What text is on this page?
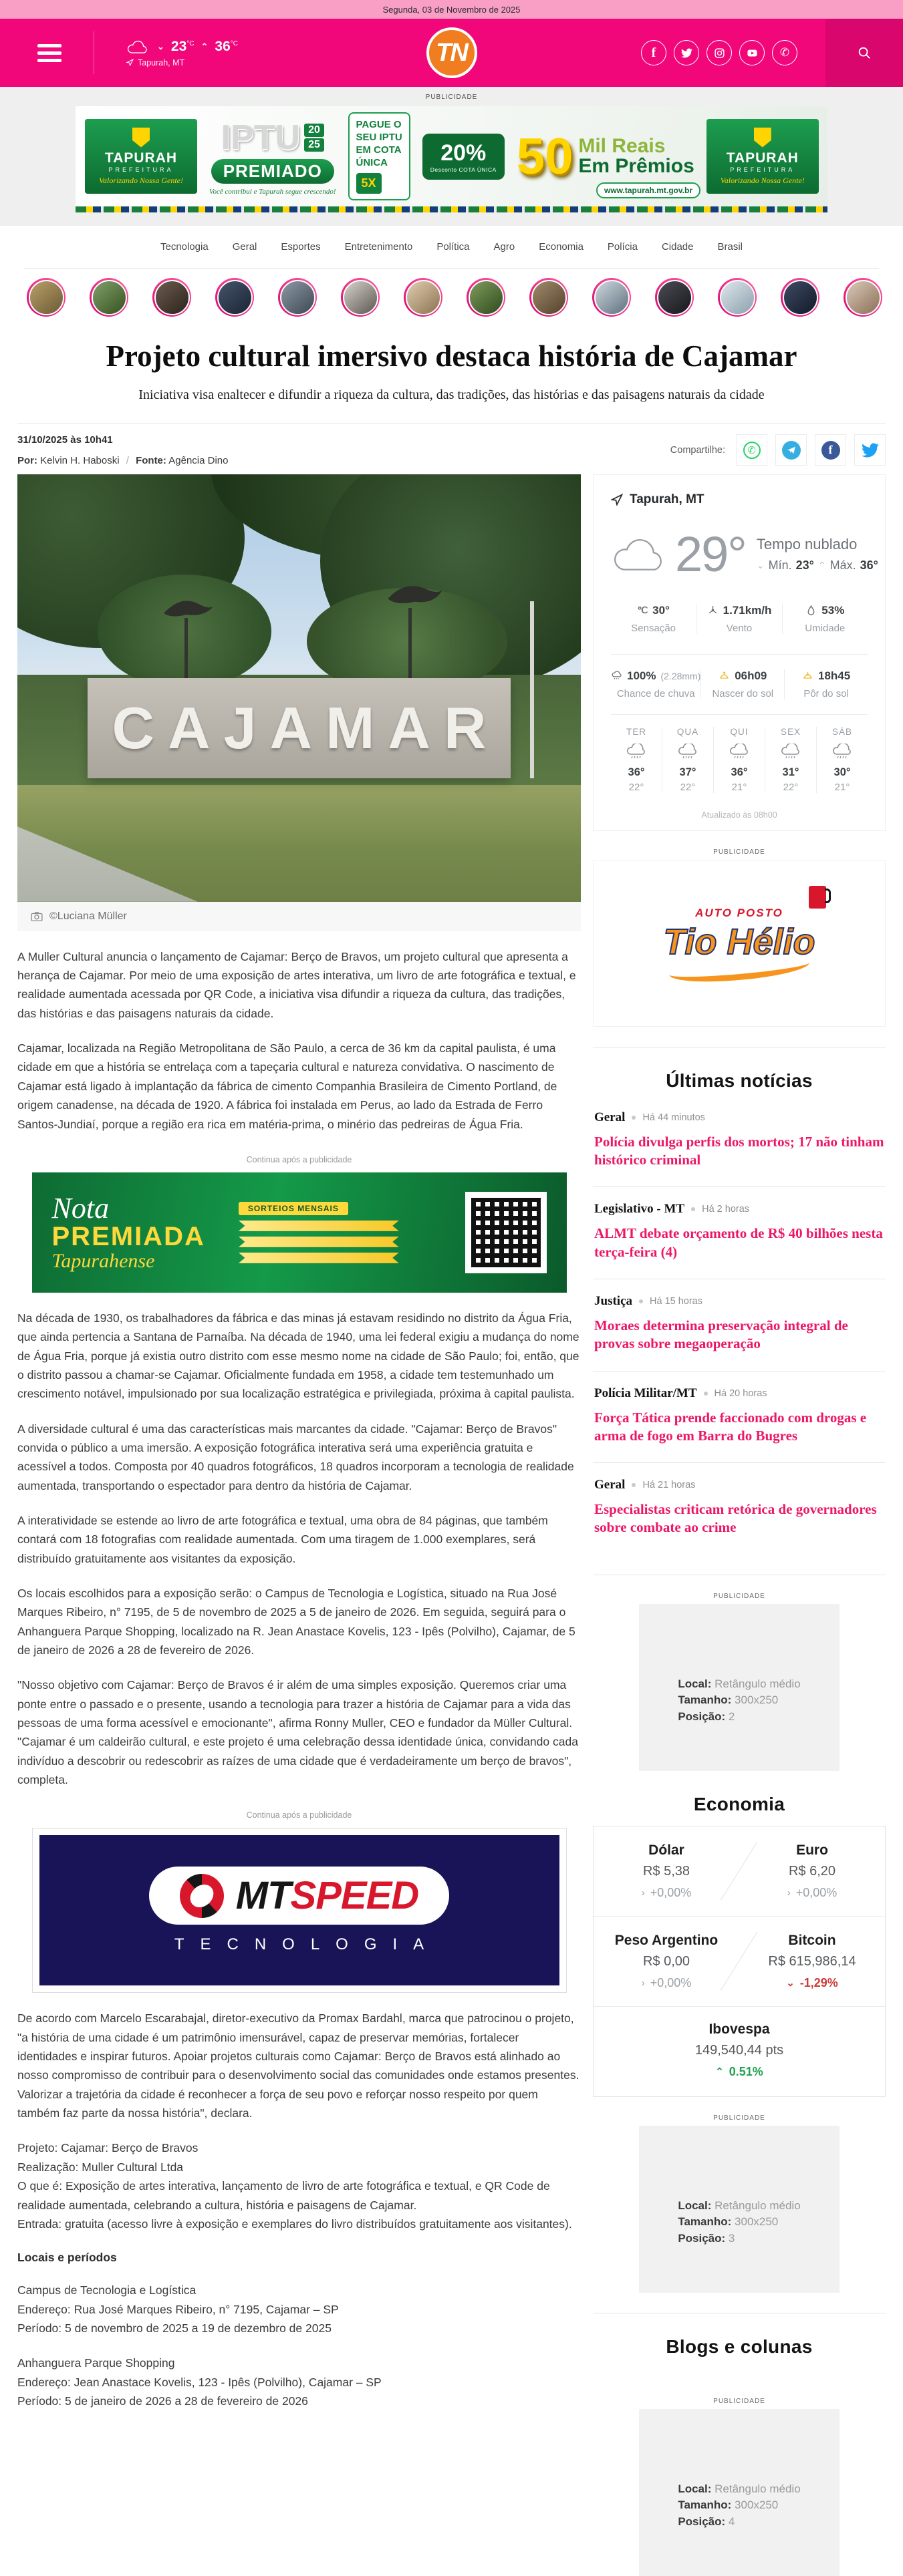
Segunda, 03 de Novembro de 2025
⌄ $23^{^\circ C}$ ⌃ $36^{^\circ C}$
Tapurah, MT	TN	f	✆
PUBLICIDADE
TAPURAH
PREFEITURA
Valorizando Nossa Gente!
IPTU 20
25
PREMIADO
Você contribui e Tapurah segue crescendo!
PAGUE O
SEU IPTU
EM COTA
ÚNICA
5X
20%
Desconto COTA ÚNICA 50 Mil Reais
Em Prêmios TAPURAH
PREFEITURA
Valorizando Nossa Gente!
www.tapurah.mt.gov.br
Tecnologia Geral Esportes Entretenimento Política Agro Economia Polícia Cidade Brasil
Projeto cultural imersivo destaca história de Cajamar

Iniciativa visa enaltecer e difundir a riqueza da cultura, das tradições, das histórias e das paisagens naturais da cidade

31/10/2025 às 10h41
Por: Kelvin H. Haboski / Fonte: Agência Dino
Compartilhe:	✆	f
CAJAMAR
©Luciana Müller

A Muller Cultural anuncia o lançamento de Cajamar: Berço de Bravos, um projeto cultural que apresenta a herança de Cajamar. Por meio de uma exposição de artes interativa, um livro de arte fotográfica e textual, e realidade aumentada acessada por QR Code, a iniciativa visa difundir a riqueza da cultura, das tradições, das histórias e das paisagens naturais da cidade.

Cajamar, localizada na Região Metropolitana de São Paulo, a cerca de 36 km da capital paulista, é uma cidade em que a história se entrelaça com a tapeçaria cultural e natureza convidativa. O nascimento de Cajamar está ligado à implantação da fábrica de cimento Companhia Brasileira de Cimento Portland, de origem canadense, na década de 1920. A fábrica foi instalada em Perus, ao lado da Estrada de Ferro Santos-Jundiaí, porque a região era rica em matéria-prima, o minério das pedreiras de Água Fria.

Continua após a publicidade
Nota
PREMIADA
Tapurahense
SORTEIOS MENSAIS

Na década de 1930, os trabalhadores da fábrica e das minas já estavam residindo no distrito da Água Fria, que ainda pertencia a Santana de Parnaíba. Na década de 1940, uma lei federal exigiu a mudança do nome de Água Fria, porque já existia outro distrito com esse mesmo nome na cidade de São Paulo; foi, então, que o distrito passou a chamar-se Cajamar. Oficialmente fundada em 1958, a cidade tem testemunhado um crescimento notável, impulsionado por sua localização estratégica e privilegiada, próxima à capital paulista.

A diversidade cultural é uma das características mais marcantes da cidade. "Cajamar: Berço de Bravos" convida o público a uma imersão. A exposição fotográfica interativa será uma experiência gratuita e acessível a todos. Composta por 40 quadros fotográficos, 18 quadros incorporam a tecnologia de realidade aumentada, transportando o espectador para dentro da história de Cajamar.

A interatividade se estende ao livro de arte fotográfica e textual, uma obra de 84 páginas, que também contará com 18 fotografias com realidade aumentada. Com uma tiragem de 1.000 exemplares, será distribuído gratuitamente aos visitantes da exposição.

Os locais escolhidos para a exposição serão: o Campus de Tecnologia e Logística, situado na Rua José Marques Ribeiro, n° 7195, de 5 de novembro de 2025 a 5 de janeiro de 2026. Em seguida, seguirá para o Anhanguera Parque Shopping, localizado na R. Jean Anastace Kovelis, 123 - Ipês (Polvilho), Cajamar, de 5 de janeiro de 2026 a 28 de fevereiro de 2026.

"Nosso objetivo com Cajamar: Berço de Bravos é ir além de uma simples exposição. Queremos criar uma ponte entre o passado e o presente, usando a tecnologia para trazer a história de Cajamar para a vida das pessoas de uma forma acessível e emocionante", afirma Ronny Muller, CEO e fundador da Müller Cultural. "Cajamar é um caldeirão cultural, e este projeto é uma celebração dessa identidade única, convidando cada indivíduo a descobrir ou redescobrir as raízes de uma cidade que é verdadeiramente um berço de bravos", completa.

Continua após a publicidade
MTSPEED
TECNOLOGIA

De acordo com Marcelo Escarabajal, diretor-executivo da Promax Bardahl, marca que patrocinou o projeto, "a história de uma cidade é um patrimônio imensurável, capaz de preservar memórias, fortalecer identidades e inspirar futuros. Apoiar projetos culturais como Cajamar: Berço de Bravos está alinhado ao nosso compromisso de contribuir para o desenvolvimento social das comunidades onde estamos presentes. Valorizar a trajetória da cidade é reconhecer a força de seu povo e reforçar nosso respeito por quem também faz parte da nossa história", declara.

Projeto: Cajamar: Berço de Bravos

Realização: Muller Cultural Ltda

O que é: Exposição de artes interativa, lançamento de livro de arte fotográfica e textual, e QR Code de realidade aumentada, celebrando a cultura, história e paisagens de Cajamar.

Entrada: gratuita (acesso livre à exposição e exemplares do livro distribuídos gratuitamente aos visitantes).

Locais e períodos

Campus de Tecnologia e Logística

Endereço: Rua José Marques Ribeiro, n° 7195, Cajamar – SP

Período: 5 de novembro de 2025 a 19 de dezembro de 2025

Anhanguera Parque Shopping

Endereço: Jean Anastace Kovelis, 123 - Ipês (Polvilho), Cajamar – SP

Período: 5 de janeiro de 2026 a 28 de fevereiro de 2026

Tapurah, MT
29° Tempo nublado
⌄ Mín. 23° ⌃ Máx. 36°
℃ 30°
Sensação
1.71km/h
Vento
53%
Umidade
100% (2.28mm)
Chance de chuva
06h09
Nascer do sol
18h45
Pôr do sol
TER
36°
22°
QUA
37°
22°
QUI
36°
21°
SEX
31°
22°
SÁB
30°
21°
Atualizado às 08h00
PUBLICIDADE
AUTO POSTO
Tio Hélio
Últimas notícias
Geral Há 44 minutos
Polícia divulga perfis dos mortos; 17 não tinham histórico criminal
Legislativo - MT Há 2 horas
ALMT debate orçamento de R$ 40 bilhões nesta terça-feira (4)
Justiça Há 15 horas
Moraes determina preservação integral de provas sobre megaoperação
Polícia Militar/MT Há 20 horas
Força Tática prende faccionado com drogas e arma de fogo em Barra do Bugres
Geral Há 21 horas
Especialistas criticam retórica de governadores sobre combate ao crime
PUBLICIDADE
Local: Retângulo médio
Tamanho: 300x250
Posição: 2
Economia
Dólar
R$ 5,38
› +0,00%
Euro
R$ 6,20
› +0,00%
Peso Argentino
R$ 0,00
› +0,00%
Bitcoin
R$ 615,986,14
⌄ -1,29%
Ibovespa
149,540,44 pts
⌃ 0.51%
PUBLICIDADE
Local: Retângulo médio
Tamanho: 300x250
Posição: 3
Blogs e colunas
PUBLICIDADE
Local: Retângulo médio
Tamanho: 300x250
Posição: 4
